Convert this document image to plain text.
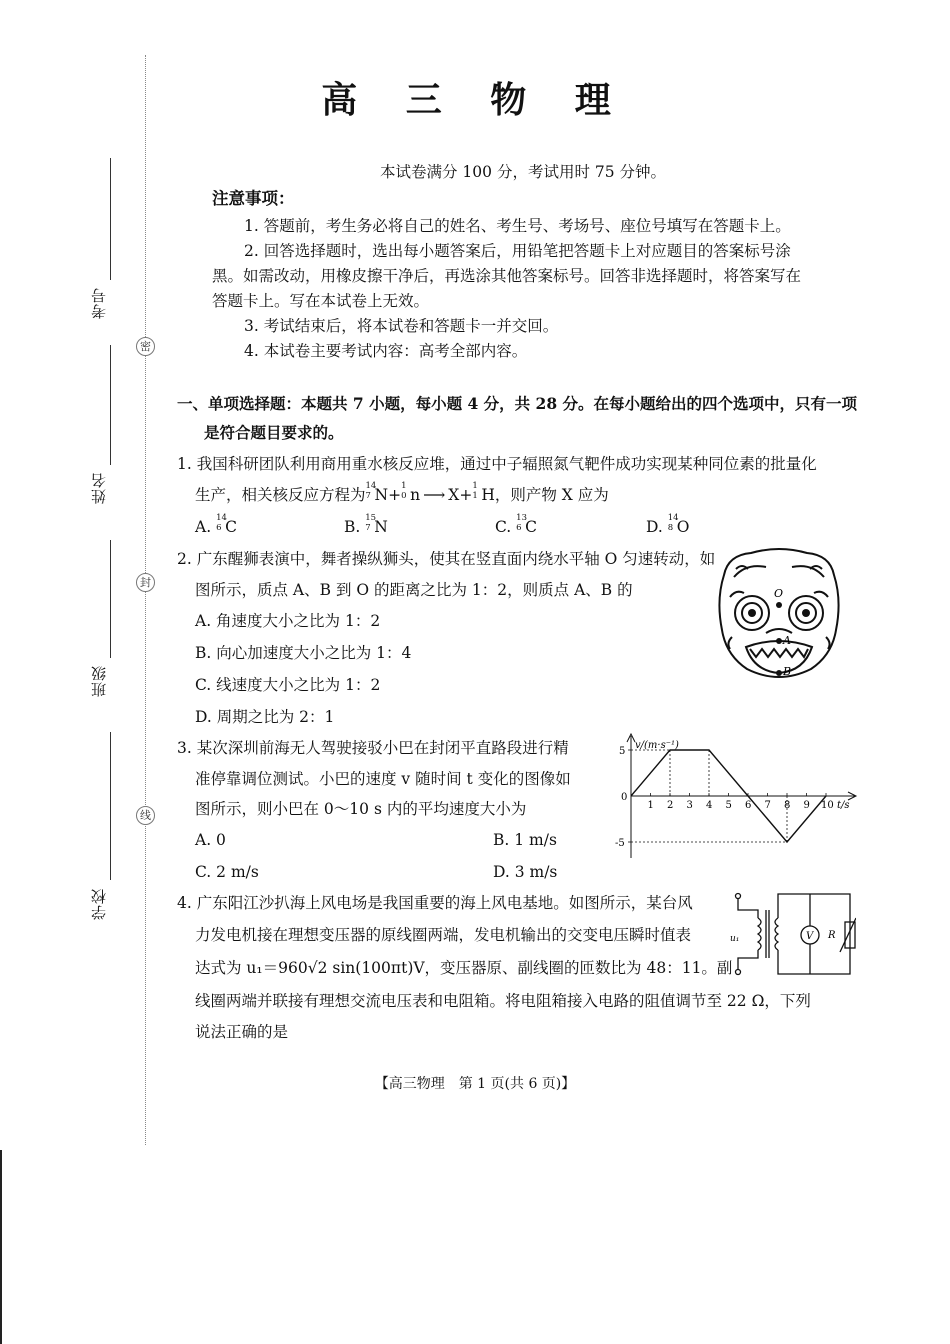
考号
姓名
班级
学校
密
封
线
高 三 物 理
本试卷满分 100 分，考试用时 75 分钟。
注意事项：
1. 答题前，考生务必将自己的姓名、考生号、考场号、座位号填写在答题卡上。
2. 回答选择题时，选出每小题答案后，用铅笔把答题卡上对应题目的答案标号涂
黑。如需改动，用橡皮擦干净后，再选涂其他答案标号。回答非选择题时，将答案写在
答题卡上。写在本试卷上无效。
3. 考试结束后，将本试卷和答题卡一并交回。
4. 本试卷主要考试内容：高考全部内容。
一、单项选择题：本题共 7 小题，每小题 4 分，共 28 分。在每小题给出的四个选项中，只有一项
是符合题目要求的。
1. 我国科研团队利用商用重水核反应堆，通过中子辐照氮气靶件成功实现某种同位素的批量化
生产，相关核反应方程为 14
7 N+ 1
0 n ⟶ X+ 1
1 H，则产物 X 应为
A. 14
6 C	B. 15
7 N	C. 13
6 C	D. 14
8 O
2. 广东醒狮表演中，舞者操纵狮头，使其在竖直面内绕水平轴 O 匀速转动，如
图所示，质点 A、B 到 O 的距离之比为 1：2，则质点 A、B 的
A. 角速度大小之比为 1：2
B. 向心加速度大小之比为 1：4
C. 线速度大小之比为 1：2
D. 周期之比为 2：1
O
A
B
3. 某次深圳前海无人驾驶接驳小巴在封闭平直路段进行精
准停靠调位测试。小巴的速度 v 随时间 t 变化的图像如
图所示，则小巴在 0～10 s 内的平均速度大小为
A. 0	B. 1 m/s
C. 2 m/s	D. 3 m/s
v/(m·s⁻¹)
t/s
0
1 2 3 4 5 6 7 8 9 10
5
-5
4. 广东阳江沙扒海上风电场是我国重要的海上风电基地。如图所示，某台风
力发电机接在理想变压器的原线圈两端，发电机输出的交变电压瞬时值表
达式为 u₁＝960√2 sin(100πt)V，变压器原、副线圈的匝数比为 48：11。副
线圈两端并联接有理想交流电压表和电阻箱。将电阻箱接入电路的阻值调节至 22 Ω，下列
说法正确的是
u₁	V R
【高三物理　第 1 页(共 6 页)】
